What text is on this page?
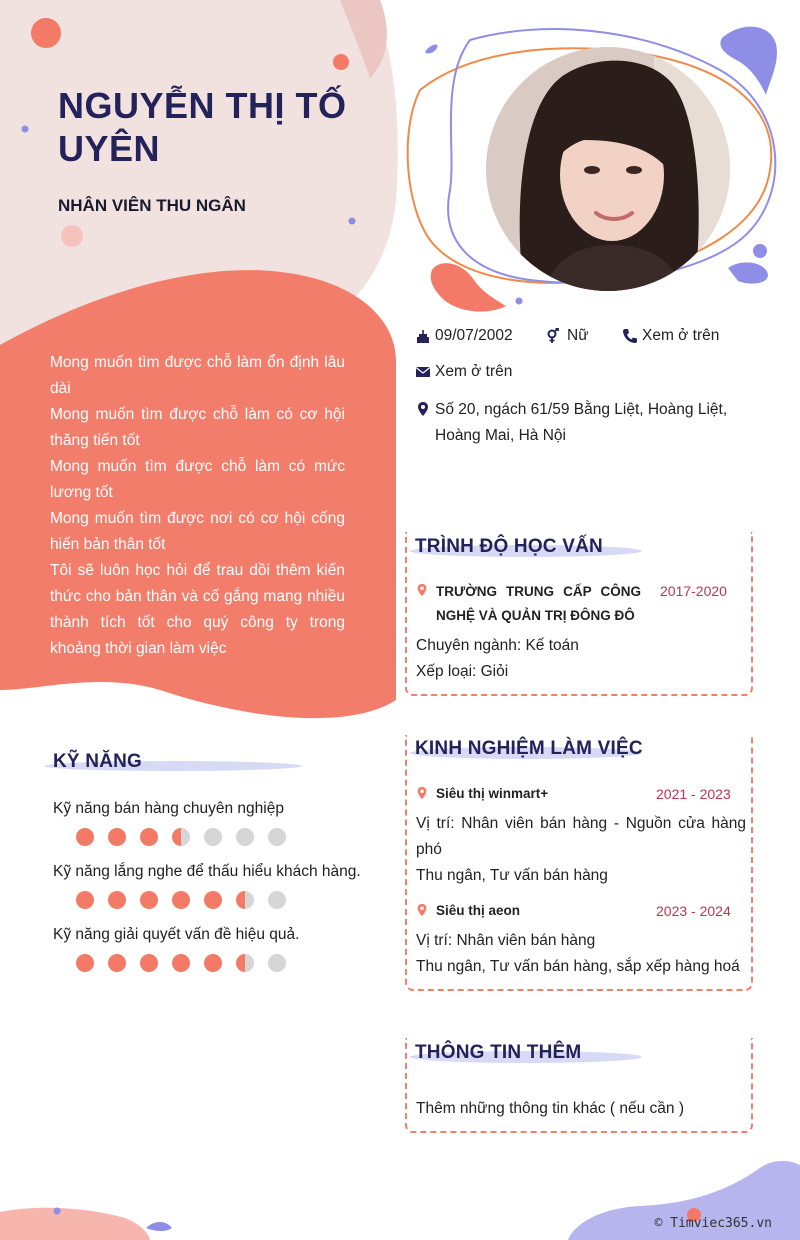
NGUYỄN THỊ TỐ UYÊN
NHÂN VIÊN THU NGÂN

Mong muốn tìm được chỗ làm ổn định lâu dài

Mong muốn tìm được chỗ làm có cơ hội thăng tiến tốt

Mong muốn tìm được chỗ làm có mức lương tốt

Mong muốn tìm được nơi có cơ hội cống hiến bản thân tốt

Tôi sẽ luôn học hỏi để trau dồi thêm kiến thức cho bản thân và cố gắng mang nhiều thành tích tốt cho quý công ty trong khoảng thời gian làm việc

09/07/2002	Nữ	Xem ở trên
Xem ở trên
Số 20, ngách 61/59 Bằng Liệt, Hoàng Liệt, Hoàng Mai, Hà Nội
TRÌNH ĐỘ HỌC VẤN
TRƯỜNG TRUNG CẤP CÔNG NGHỆ VÀ QUẢN TRỊ ĐÔNG ĐÔ
2017-2020
Chuyên ngành: Kế toán
Xếp loại: Giỏi
KINH NGHIỆM LÀM VIỆC
Siêu thị winmart+	2021 - 2023
Vị trí: Nhân viên bán hàng - Nguồn cửa hàng phó
Thu ngân, Tư vấn bán hàng
Siêu thị aeon	2023 - 2024
Vị trí: Nhân viên bán hàng
Thu ngân, Tư vấn bán hàng, sắp xếp hàng hoá
THÔNG TIN THÊM
Thêm những thông tin khác ( nếu cần )
KỸ NĂNG
Kỹ năng bán hàng chuyên nghiệp
Kỹ năng lắng nghe để thấu hiểu khách hàng.
Kỹ năng giải quyết vấn đề hiệu quả.
© Timviec365.vn
